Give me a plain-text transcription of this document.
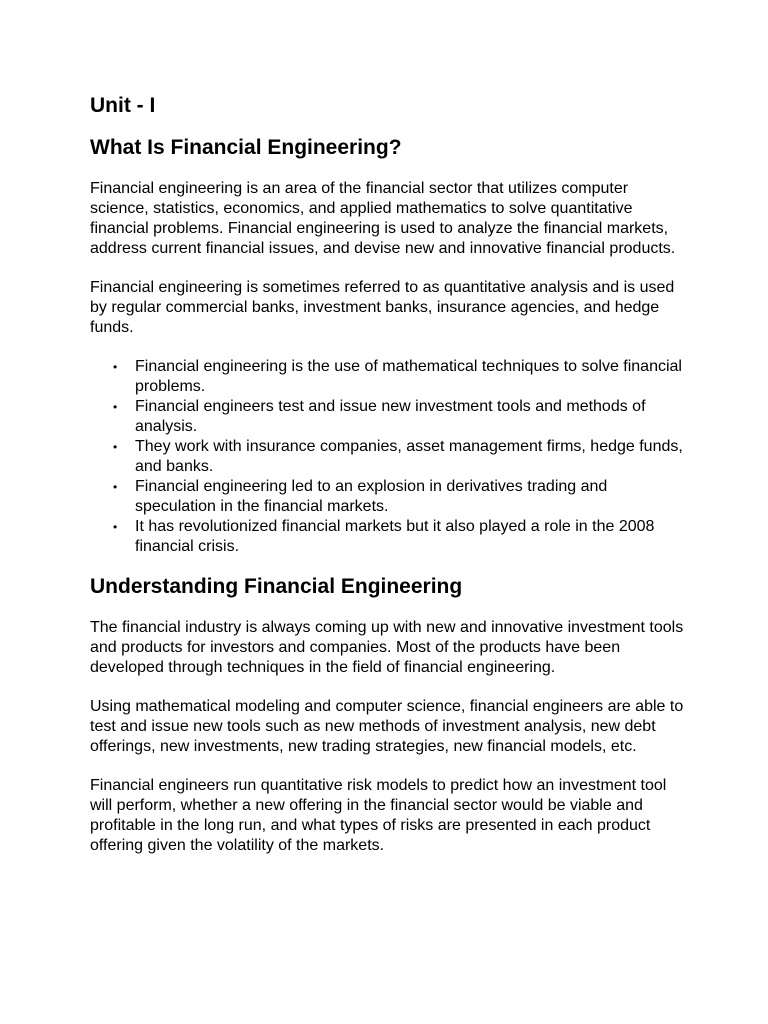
Unit - I
What Is Financial Engineering?

Financial engineering is an area of the financial sector that utilizes computer science, statistics, economics, and applied mathematics to solve quantitative financial problems. Financial engineering is used to analyze the financial markets, address current financial issues, and devise new and innovative financial products.

Financial engineering is sometimes referred to as quantitative analysis and is used by regular commercial banks, investment banks, insurance agencies, and hedge funds.

• Financial engineering is the use of mathematical techniques to solve financial problems.
• Financial engineers test and issue new investment tools and methods of analysis.
• They work with insurance companies, asset management firms, hedge funds, and banks.
• Financial engineering led to an explosion in derivatives trading and speculation in the financial markets.
• It has revolutionized financial markets but it also played a role in the 2008 financial crisis.
Understanding Financial Engineering

The financial industry is always coming up with new and innovative investment tools and products for investors and companies. Most of the products have been developed through techniques in the field of financial engineering.

Using mathematical modeling and computer science, financial engineers are able to test and issue new tools such as new methods of investment analysis, new debt offerings, new investments, new trading strategies, new financial models, etc.

Financial engineers run quantitative risk models to predict how an investment tool will perform, whether a new offering in the financial sector would be viable and profitable in the long run, and what types of risks are presented in each product offering given the volatility of the markets.
